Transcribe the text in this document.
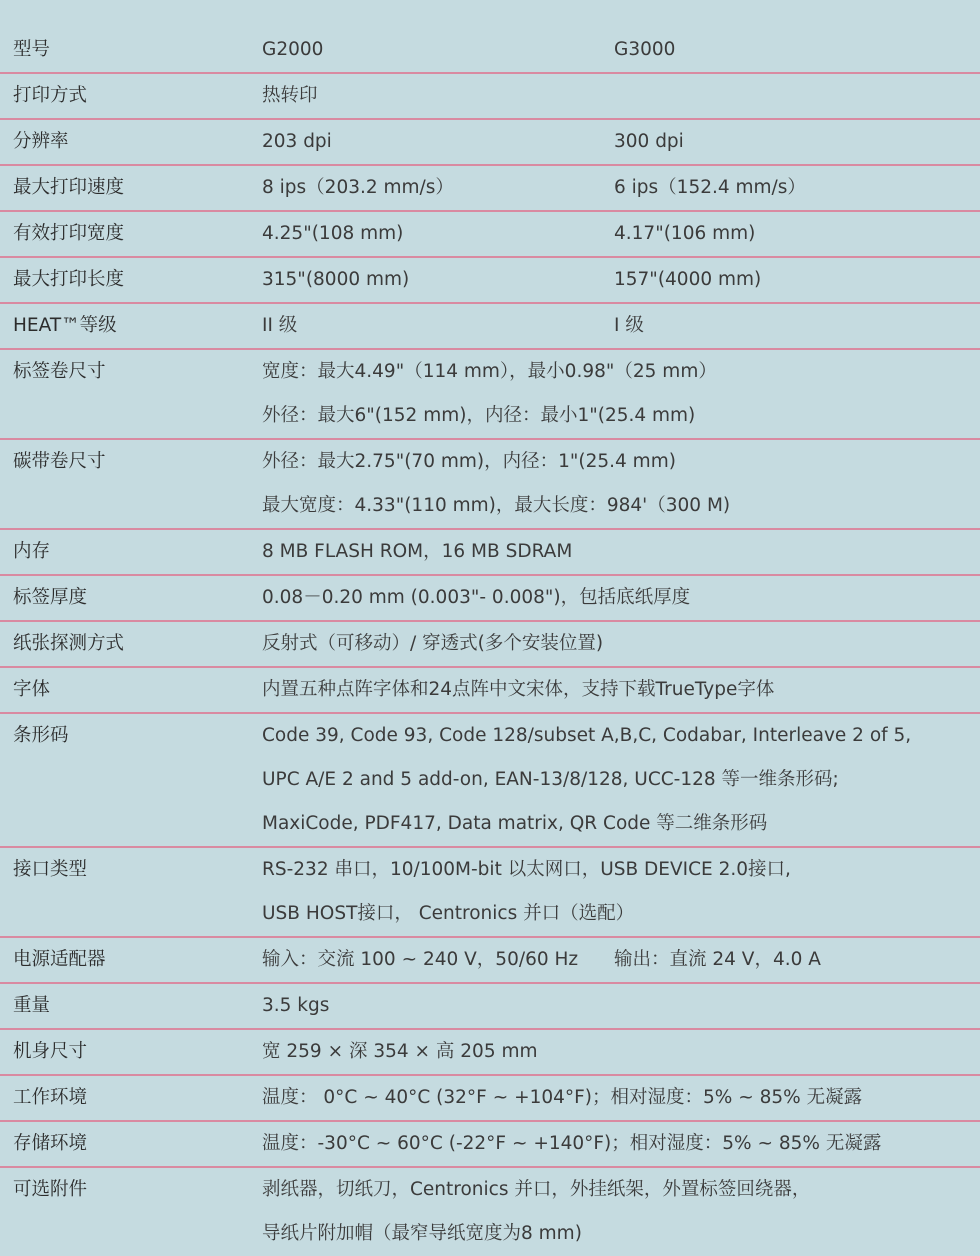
型号	G2000	G3000
打印方式	热转印
分辨率	203 dpi	300 dpi
最大打印速度	8 ips（203.2 mm/s）	6 ips（152.4 mm/s）
有效打印宽度	4.25"(108 mm)	4.17"(106 mm)
最大打印长度	315"(8000 mm)	157"(4000 mm)
HEAT™等级	II 级	I 级
标签卷尺寸	宽度：最大4.49"（114 mm），最小0.98"（25 mm）
外径：最大6"(152 mm)，内径：最小1"(25.4 mm)
碳带卷尺寸	外径：最大2.75"(70 mm)，内径：1"(25.4 mm)
最大宽度：4.33"(110 mm)，最大长度：984'（300 M)
内存	8 MB FLASH ROM，16 MB SDRAM
标签厚度	0.08－0.20 mm (0.003"- 0.008")，包括底纸厚度
纸张探测方式	反射式（可移动）/ 穿透式(多个安装位置)
字体	内置五种点阵字体和24点阵中文宋体，支持下载TrueType字体
条形码	Code 39, Code 93, Code 128/subset A,B,C, Codabar, Interleave 2 of 5,
UPC A/E 2 and 5 add-on, EAN-13/8/128, UCC-128 等一维条形码;
MaxiCode, PDF417, Data matrix, QR Code 等二维条形码
接口类型	RS-232 串口，10/100M-bit 以太网口，USB DEVICE 2.0接口,
USB HOST接口， Centronics 并口（选配）
电源适配器	输入：交流 100 ~ 240 V，50/60 Hz	输出：直流 24 V，4.0 A
重量	3.5 kgs
机身尺寸	宽 259 × 深 354 × 高 205 mm
工作环境	温度： 0°C ~ 40°C (32°F ~ +104°F)；相对湿度：5% ~ 85% 无凝露
存储环境	温度：-30°C ~ 60°C (-22°F ~ +140°F)；相对湿度：5% ~ 85% 无凝露
可选附件	剥纸器，切纸刀，Centronics 并口，外挂纸架，外置标签回绕器，
导纸片附加帽（最窄导纸宽度为8 mm)
